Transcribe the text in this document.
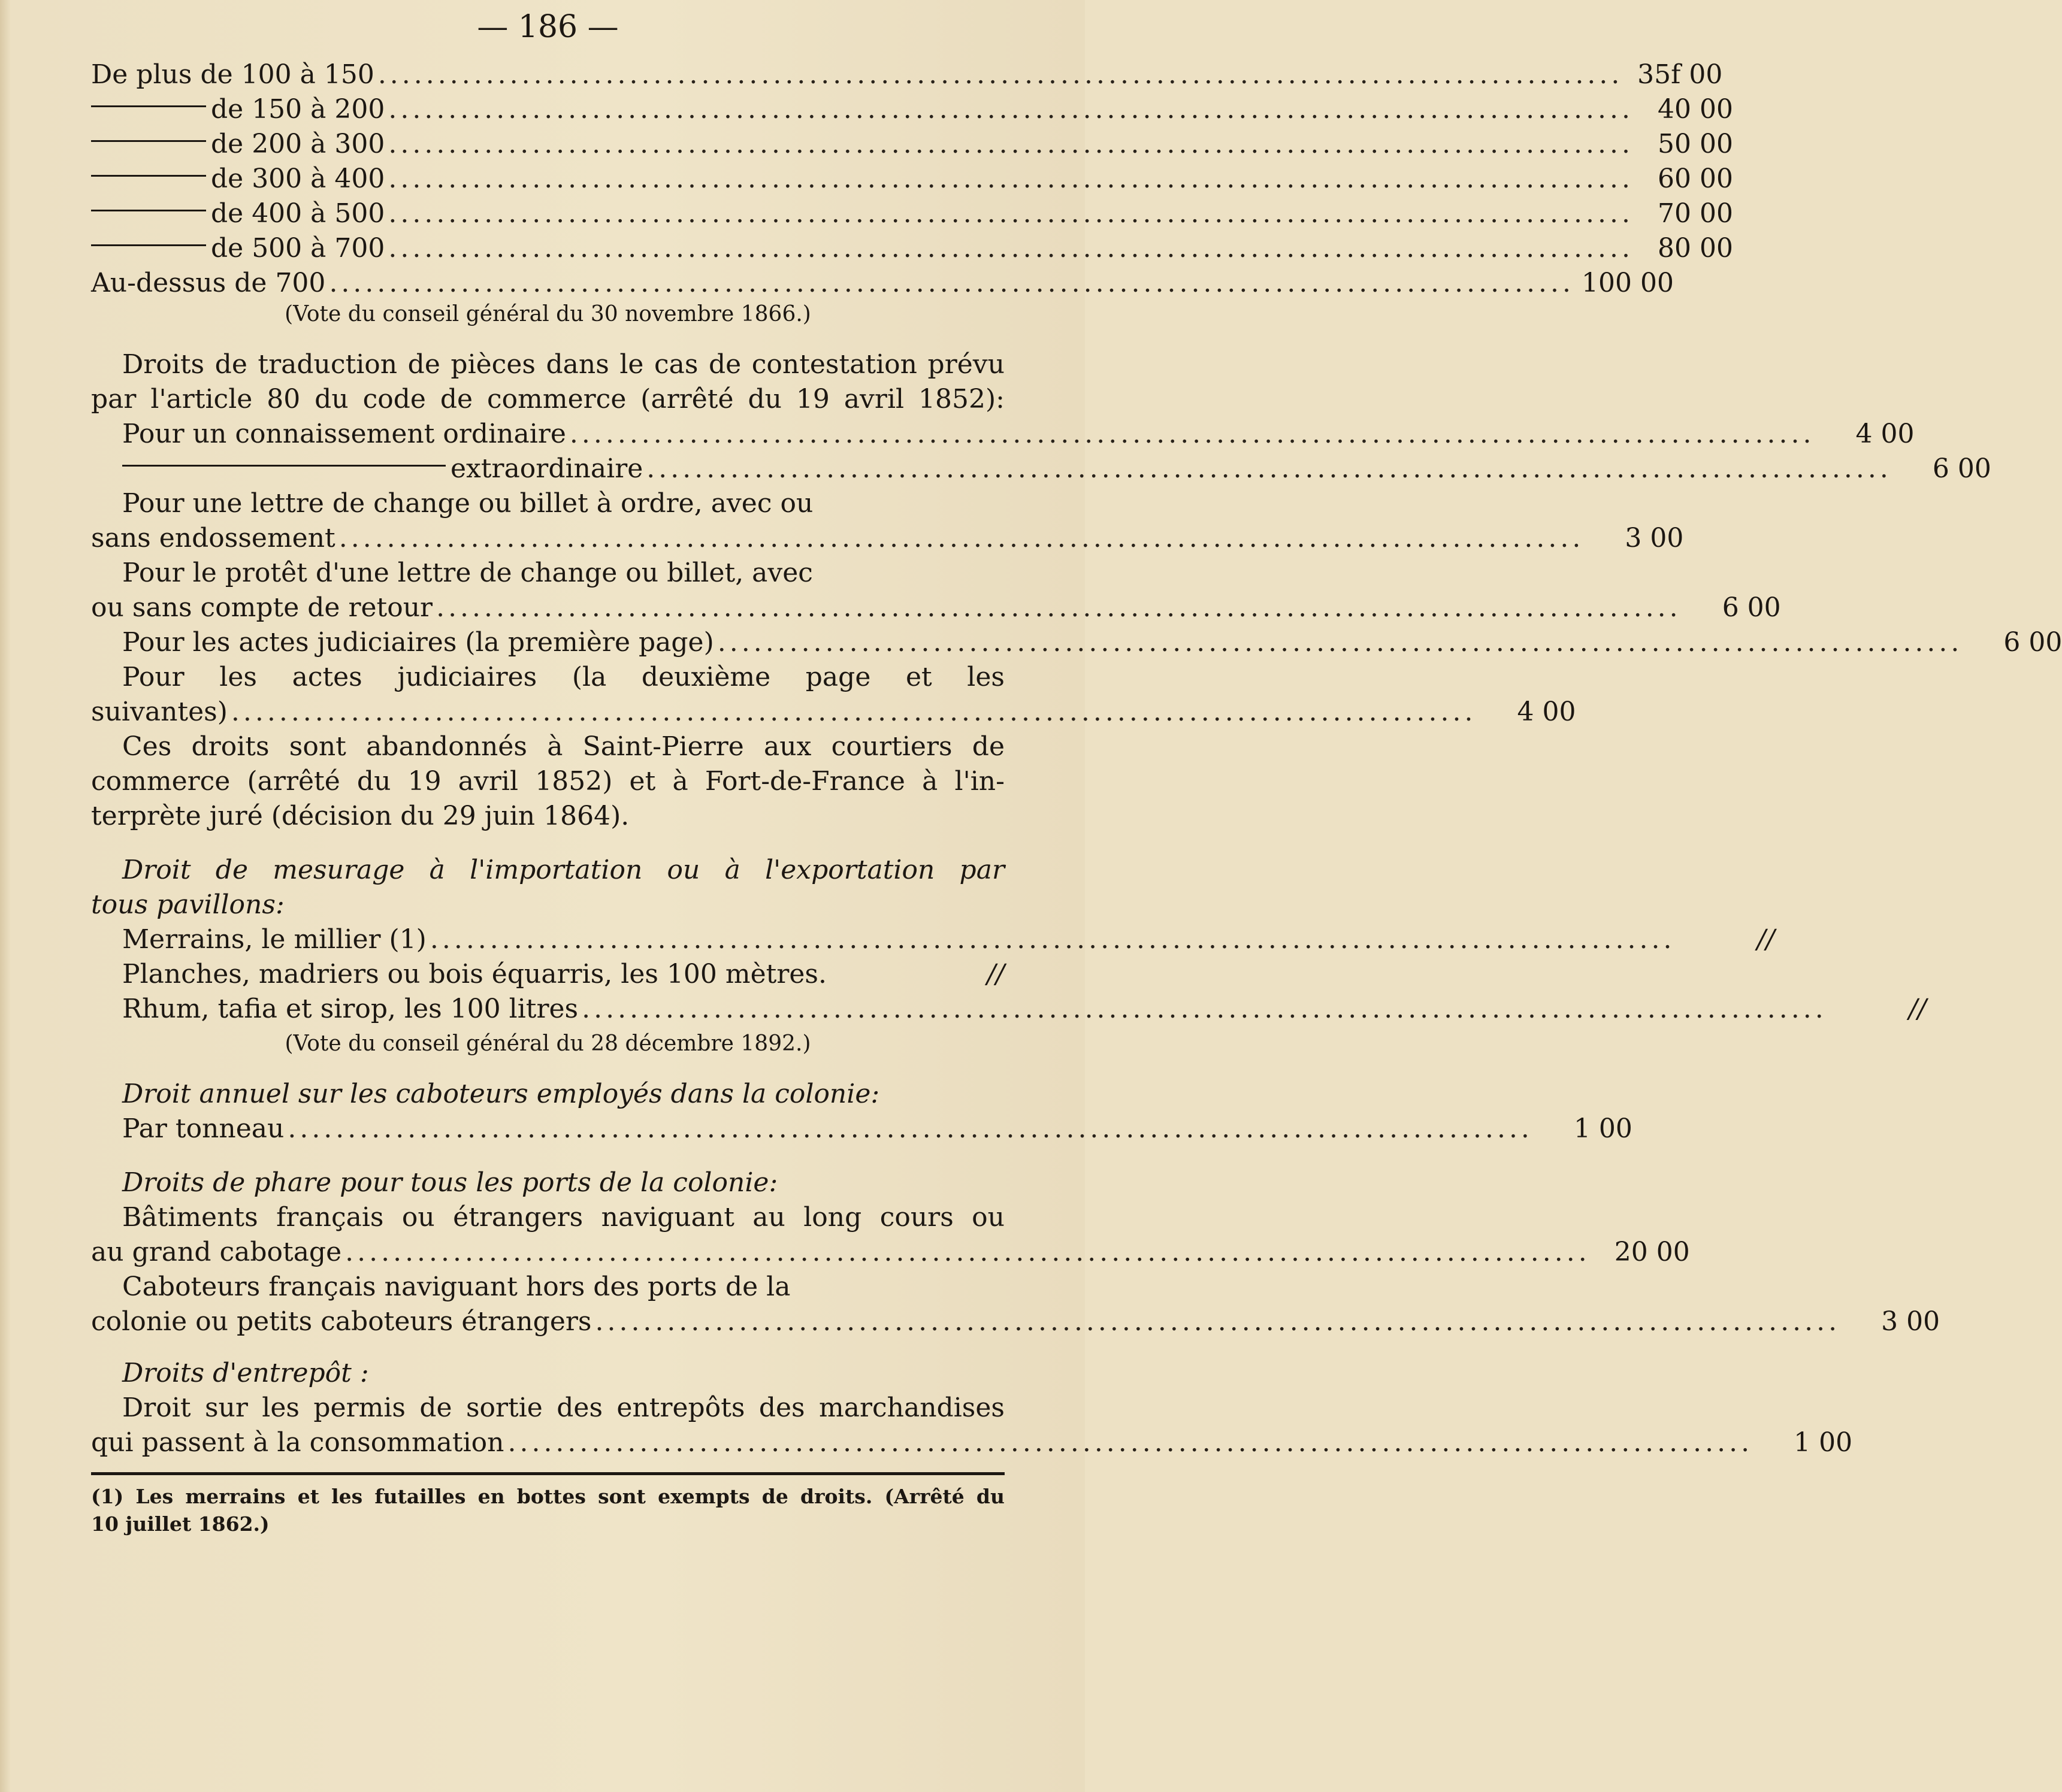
— 186 —
De plus de 100 à 150 ........................................................................................................ 35f 00
de 150 à 200 ........................................................................................................ 40 00
de 200 à 300 ........................................................................................................ 50 00
de 300 à 400 ........................................................................................................ 60 00
de 400 à 500 ........................................................................................................ 70 00
de 500 à 700 ........................................................................................................ 80 00
Au-dessus de 700 ........................................................................................................ 100 00
(Vote du conseil général du 30 novembre 1866.)
Droits de traduction de pièces dans le cas de contestation prévu
par l'article 80 du code de commerce (arrêté du 19 avril 1852):
Pour un connaissement ordinaire ........................................................................................................	4 00
extraordinaire ........................................................................................................	6 00
Pour une lettre de change ou billet à ordre, avec ou
sans endossement ........................................................................................................	3 00
Pour le protêt d'une lettre de change ou billet, avec
ou sans compte de retour ........................................................................................................	6 00
Pour les actes judiciaires (la première page) ........................................................................................................	6 00
Pour les actes judiciaires (la deuxième page et les
suivantes) ........................................................................................................	4 00
Ces droits sont abandonnés à Saint-Pierre aux courtiers de
commerce (arrêté du 19 avril 1852) et à Fort-de-France à l'in-
terprète juré (décision du 29 juin 1864).
Droit de mesurage à l'importation ou à l'exportation par
tous pavillons:
Merrains, le millier (1) ........................................................................................................	//
Planches, madriers ou bois équarris, les 100 mètres.	//
Rhum, tafia et sirop, les 100 litres ........................................................................................................	//
(Vote du conseil général du 28 décembre 1892.)
Droit annuel sur les caboteurs employés dans la colonie:
Par tonneau ........................................................................................................	1 00
Droits de phare pour tous les ports de la colonie:
Bâtiments français ou étrangers naviguant au long cours ou
au grand cabotage ........................................................................................................ 20 00
Caboteurs français naviguant hors des ports de la
colonie ou petits caboteurs étrangers ........................................................................................................	3 00
Droits d'entrepôt :
Droit sur les permis de sortie des entrepôts des marchandises
qui passent à la consommation ........................................................................................................	1 00
(1) Les merrains et les futailles en bottes sont exempts de droits. (Arrêté du
10 juillet 1862.)
